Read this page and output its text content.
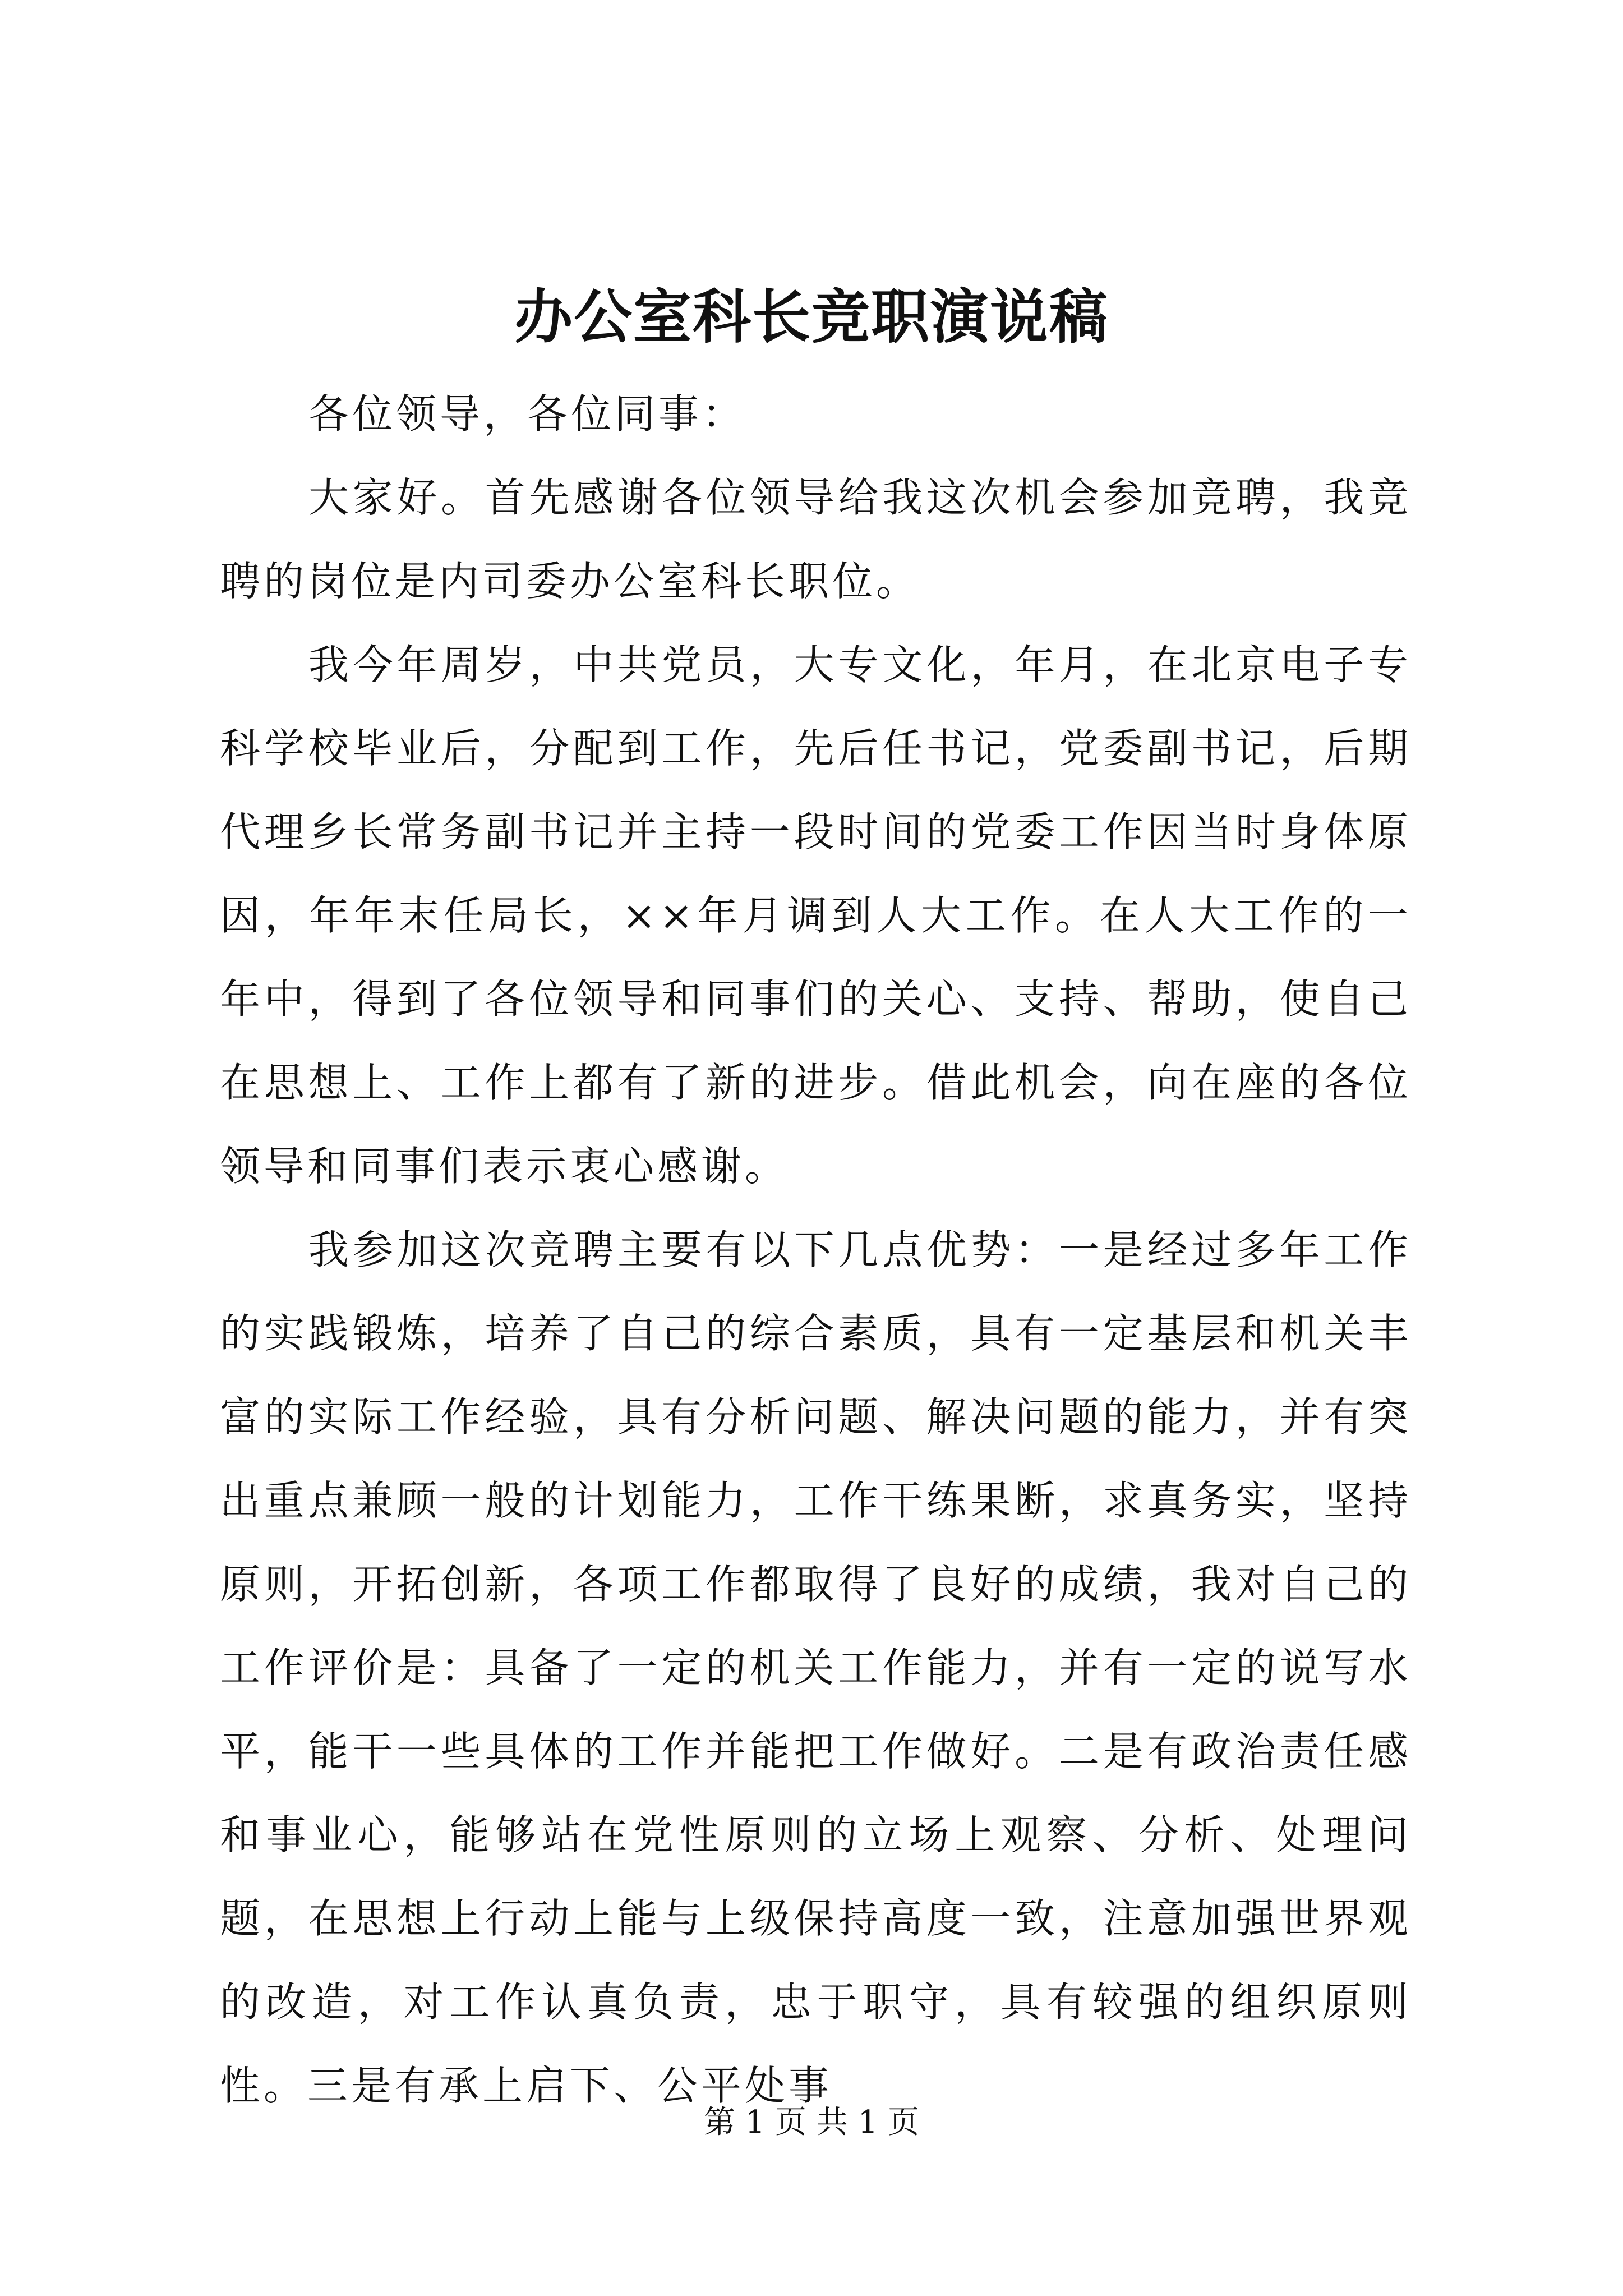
办公室科长竞职演说稿

各位领导，各位同事：

大家好。首先感谢各位领导给我这次机会参加竞聘，我竞聘的岗位是内司委办公室科长职位。

我今年周岁，中共党员，大专文化，年月，在北京电子专科学校毕业后，分配到工作，先后任书记，党委副书记，后期代理乡长常务副书记并主持一段时间的党委工作因当时身体原因，年年末任局长，××年月调到人大工作。在人大工作的一年中，得到了各位领导和同事们的关心、支持、帮助，使自己在思想上、工作上都有了新的进步。借此机会，向在座的各位领导和同事们表示衷心感谢。

我参加这次竞聘主要有以下几点优势：一是经过多年工作的实践锻炼，培养了自己的综合素质，具有一定基层和机关丰富的实际工作经验，具有分析问题、解决问题的能力，并有突出重点兼顾一般的计划能力，工作干练果断，求真务实，坚持原则，开拓创新，各项工作都取得了良好的成绩，我对自己的工作评价是：具备了一定的机关工作能力，并有一定的说写水平，能干一些具体的工作并能把工作做好。二是有政治责任感和事业心，能够站在党性原则的立场上观察、分析、处理问题，在思想上行动上能与上级保持高度一致，注意加强世界观的改造，对工作认真负责，忠于职守，具有较强的组织原则性。三是有承上启下、公平处事

第 1 页 共 1 页
